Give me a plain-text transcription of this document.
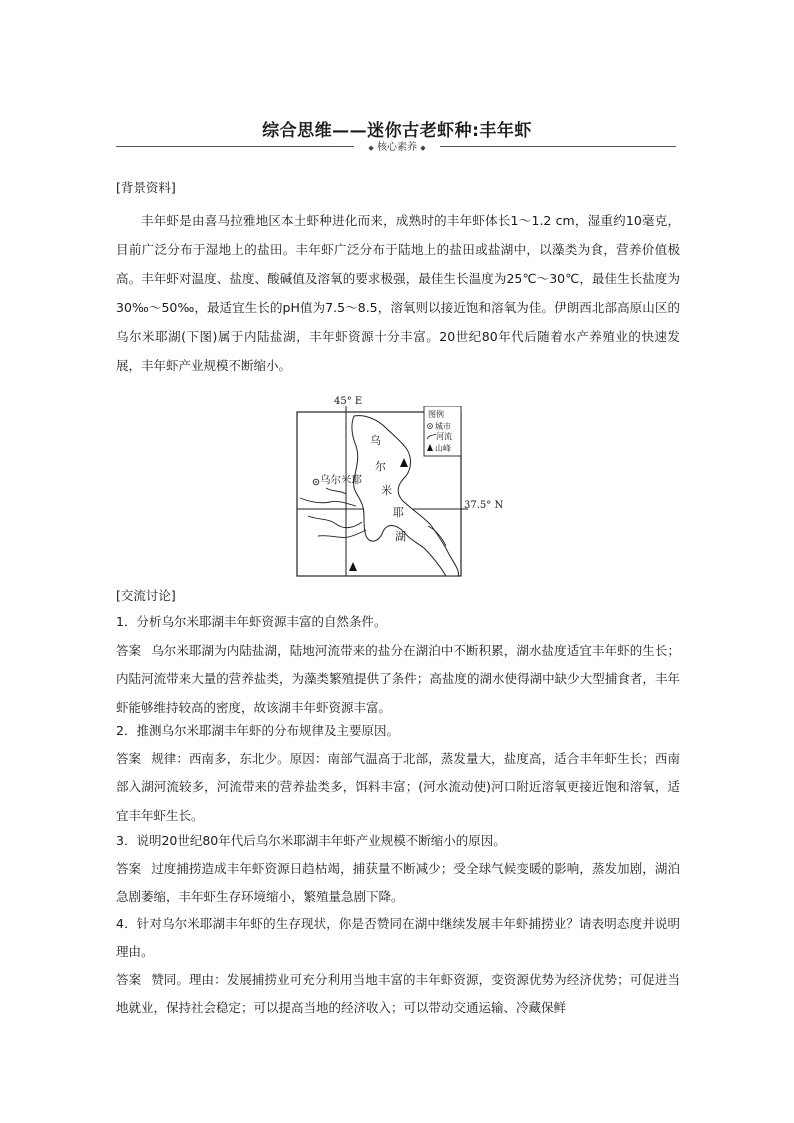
综合思维——迷你古老虾种:丰年虾
◆ 核心素养 ◆
[背景资料]
丰年虾是由喜马拉雅地区本土虾种进化而来，成熟时的丰年虾体长1～1.2 cm，湿重约10毫克，目前广泛分布于湿地上的盐田。丰年虾广泛分布于陆地上的盐田或盐湖中，以藻类为食，营养价值极高。丰年虾对温度、盐度、酸碱值及溶氧的要求极强，最佳生长温度为25℃～30℃，最佳生长盐度为30‰～50‰，最适宜生长的pH值为7.5～8.5，溶氧则以接近饱和溶氧为佳。伊朗西北部高原山区的乌尔米耶湖(下图)属于内陆盐湖，丰年虾资源十分丰富。20世纪80年代后随着水产养殖业的快速发展，丰年虾产业规模不断缩小。
乌尔米耶
乌
尔
米
耶
湖
图例
城市
河流
山峰
45° E
37.5° N
[交流讨论]
1．分析乌尔米耶湖丰年虾资源丰富的自然条件。
答案 乌尔米耶湖为内陆盐湖，陆地河流带来的盐分在湖泊中不断积累，湖水盐度适宜丰年虾的生长；内陆河流带来大量的营养盐类，为藻类繁殖提供了条件；高盐度的湖水使得湖中缺少大型捕食者，丰年虾能够维持较高的密度，故该湖丰年虾资源丰富。
2．推测乌尔米耶湖丰年虾的分布规律及主要原因。
答案 规律：西南多，东北少。原因：南部气温高于北部，蒸发量大，盐度高，适合丰年虾生长；西南部入湖河流较多，河流带来的营养盐类多，饵料丰富；(河水流动使)河口附近溶氧更接近饱和溶氧，适宜丰年虾生长。
3．说明20世纪80年代后乌尔米耶湖丰年虾产业规模不断缩小的原因。
答案 过度捕捞造成丰年虾资源日趋枯竭，捕获量不断减少；受全球气候变暖的影响，蒸发加剧，湖泊急剧萎缩，丰年虾生存环境缩小，繁殖量急剧下降。
4．针对乌尔米耶湖丰年虾的生存现状，你是否赞同在湖中继续发展丰年虾捕捞业？请表明态度并说明理由。
答案 赞同。理由：发展捕捞业可充分利用当地丰富的丰年虾资源，变资源优势为经济优势；可促进当地就业，保持社会稳定；可以提高当地的经济收入；可以带动交通运输、冷藏保鲜
